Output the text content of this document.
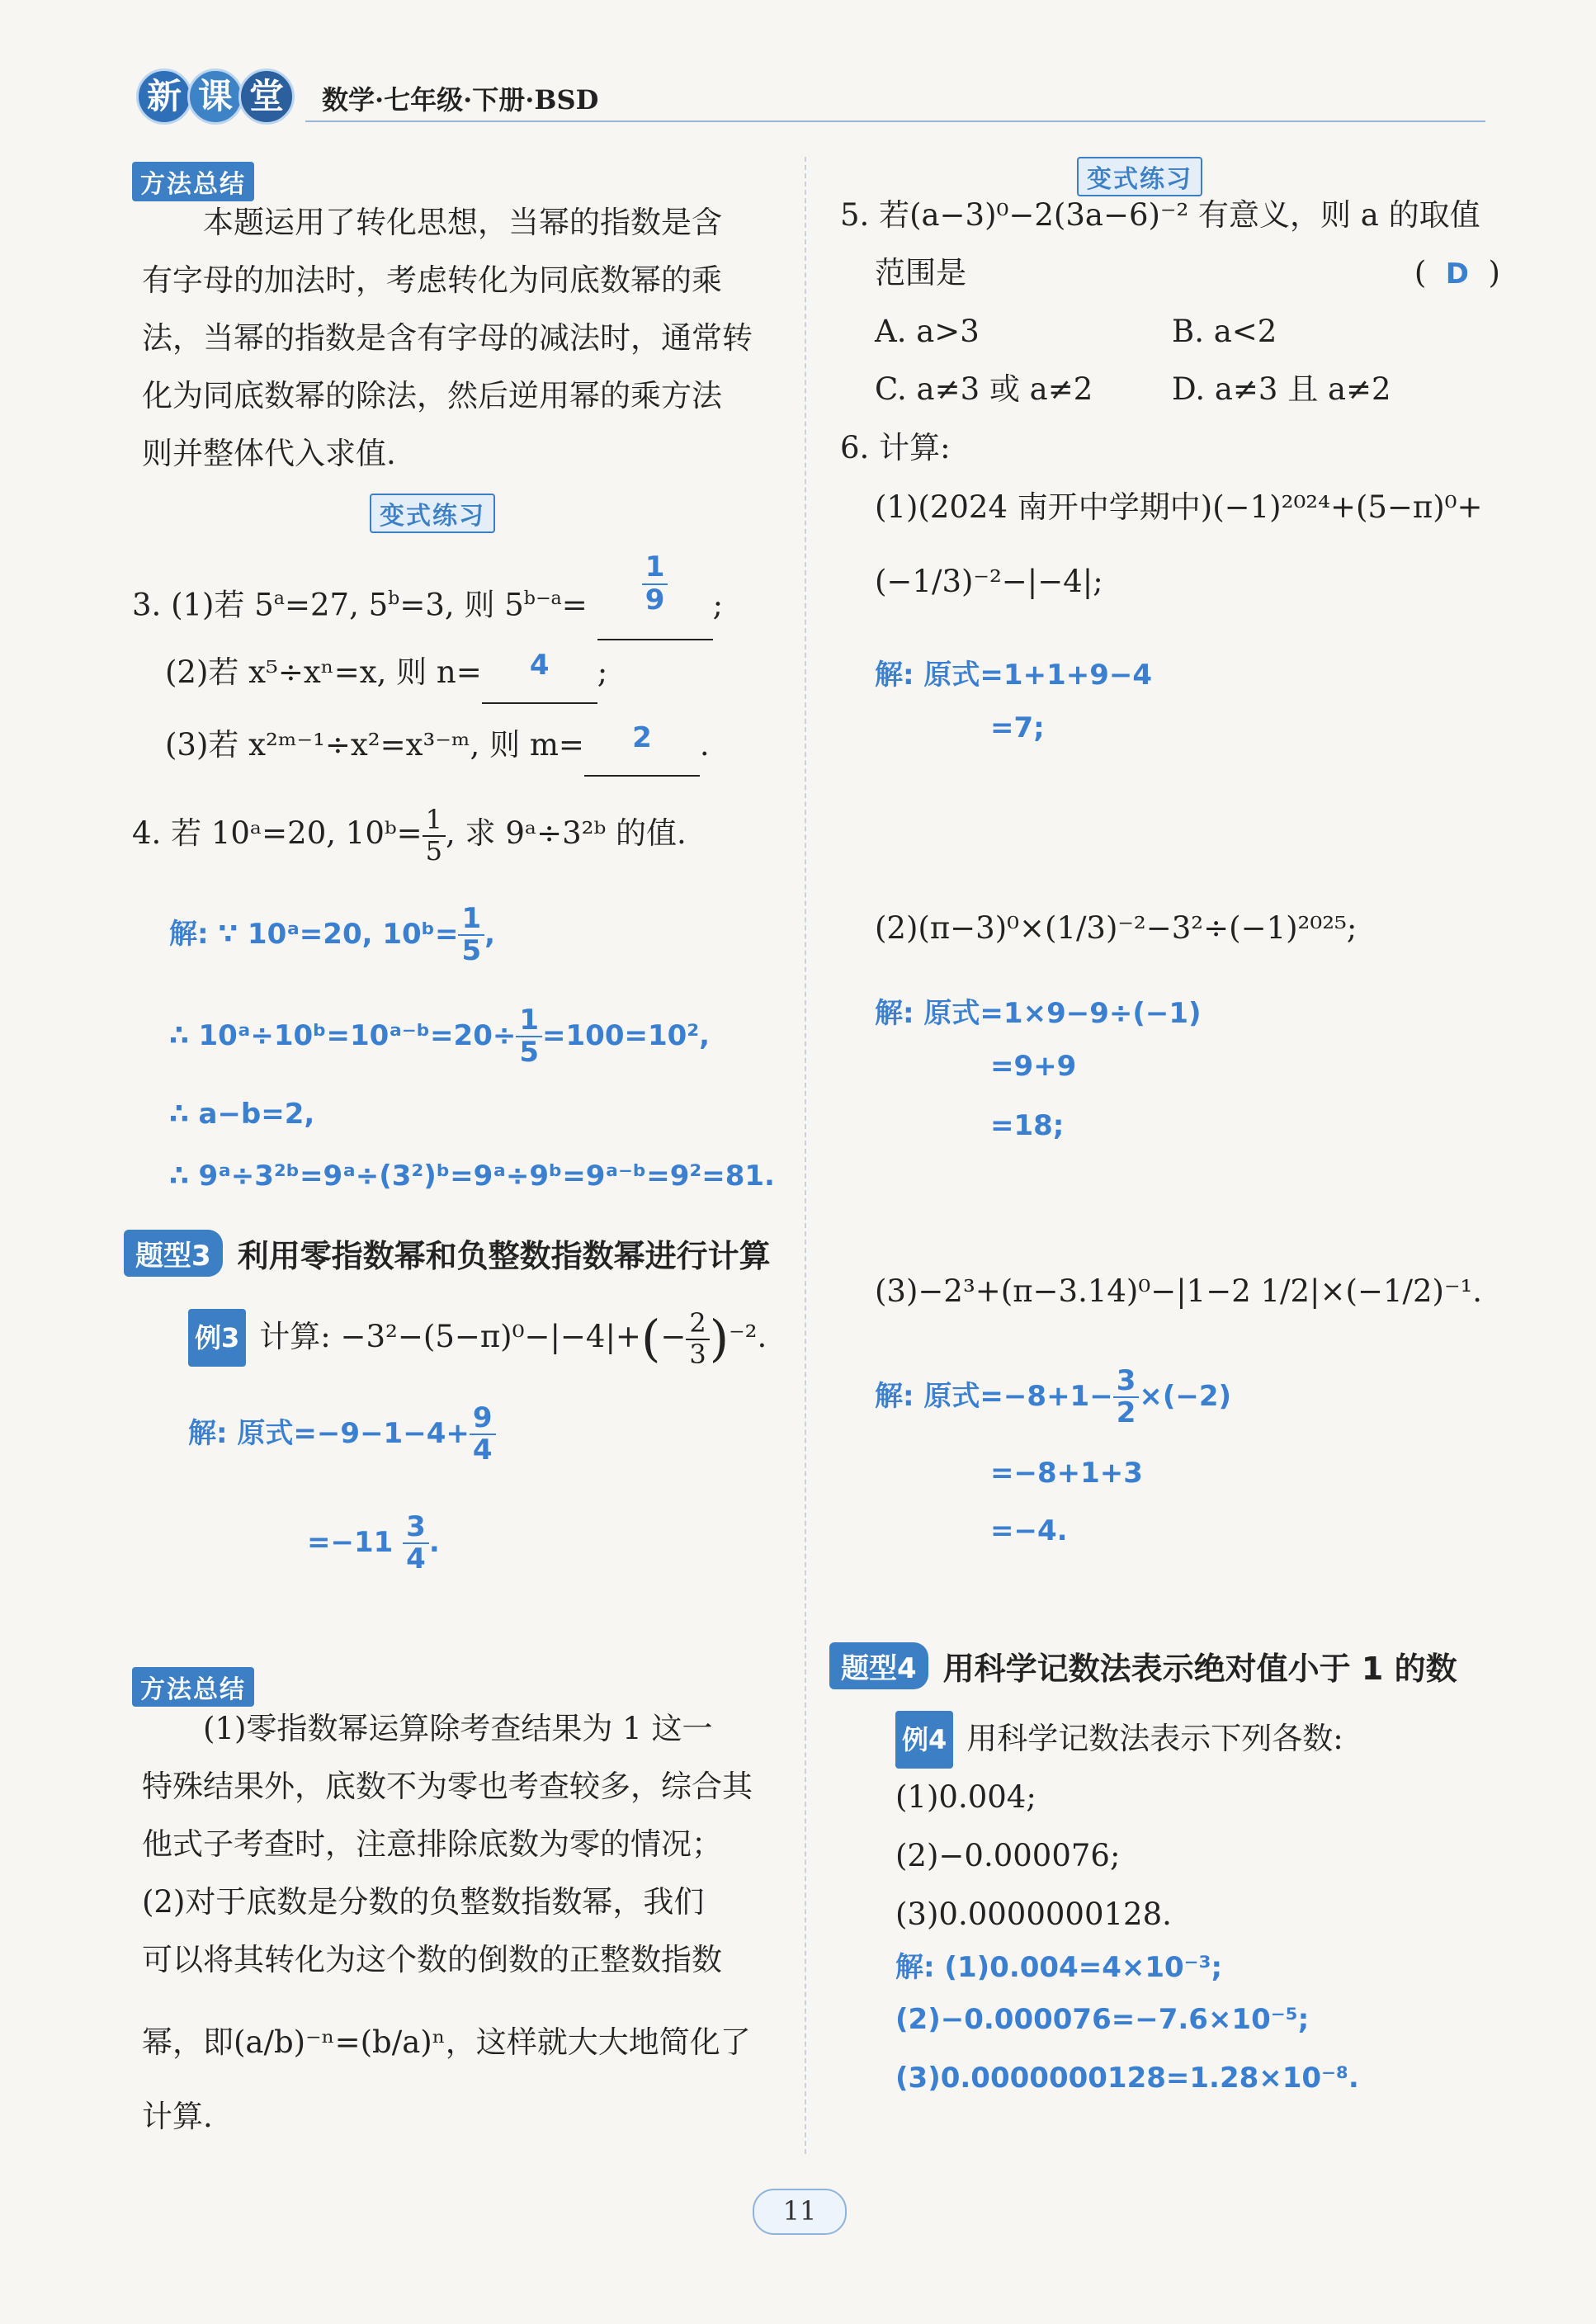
新 课 堂	数学·七年级·下册·BSD
方法总结
本题运用了转化思想，当幂的指数是含
有字母的加法时，考虑转化为同底数幂的乘
法，当幂的指数是含有字母的减法时，通常转
化为同底数幂的除法，然后逆用幂的乘方法
则并整体代入求值.
变式练习
3. (1)若 $5^a=27$, $5^b=3$, 则 $5^{b-a}= \frac{1}{9}$ ;
(2)若 x⁵÷xⁿ=x, 则 n= 4 ;
(3)若 x²ᵐ⁻¹÷x²=x³⁻ᵐ, 则 m= 2 .
4. 若 10ᵃ=20, 10ᵇ= $\frac{1}{5}$ , 求 9ᵃ÷3²ᵇ 的值.
解: ∵ 10ᵃ=20, 10ᵇ= $\frac{1}{5}$ ,
∴ 10ᵃ÷10ᵇ=10ᵃ⁻ᵇ=20÷ $\frac{1}{5} =100=10^2$,
∴ a−b=2,
∴ 9ᵃ÷3²ᵇ=9ᵃ÷(3²)ᵇ=9ᵃ÷9ᵇ=9ᵃ⁻ᵇ=9²=81.
题型3 利用零指数幂和负整数指数幂进行计算
例3 计算: $-3^2-(5-\pi)^0-|-4|+(- \frac{2}{3} )^{-2}$.
解: 原式$=-9-1-4+ \frac{9}{4}$
$=-11 \frac{3}{4}$ .
方法总结
(1)零指数幂运算除考查结果为 1 这一
特殊结果外，底数不为零也考查较多，综合其
他式子考查时，注意排除底数为零的情况；
(2)对于底数是分数的负整数指数幂，我们
可以将其转化为这个数的倒数的正整数指数
幂，即(a/b)⁻ⁿ=(b/a)ⁿ，这样就大大地简化了
计算.
变式练习
5. 若(a−3)⁰−2(3a−6)⁻² 有意义，则 a 的取值
范围是	(  D  )
A. a>3	B. a<2
C. a≠3 或 a≠2	D. a≠3 且 a≠2
6. 计算:
(1)(2024 南开中学期中)(−1)²⁰²⁴+(5−π)⁰+
(−1/3)⁻²−|−4|;
解: 原式=1+1+9−4
=7;
(2)(π−3)⁰×(1/3)⁻²−3²÷(−1)²⁰²⁵;
解: 原式=1×9−9÷(−1)
=9+9
=18;
(3)−2³+(π−3.14)⁰−|1−2 1/2|×(−1/2)⁻¹.
解: 原式$=-8+1- \frac{3}{2} \times(-2)$
=−8+1+3
=−4.
题型4 用科学记数法表示绝对值小于 1 的数
例4 用科学记数法表示下列各数:
(1)0.004;
(2)−0.000076;
(3)0.0000000128.
解: (1)0.004=4×10⁻³;
(2)−0.000076=−7.6×10⁻⁵;
(3)0.0000000128=1.28×10⁻⁸.
11
